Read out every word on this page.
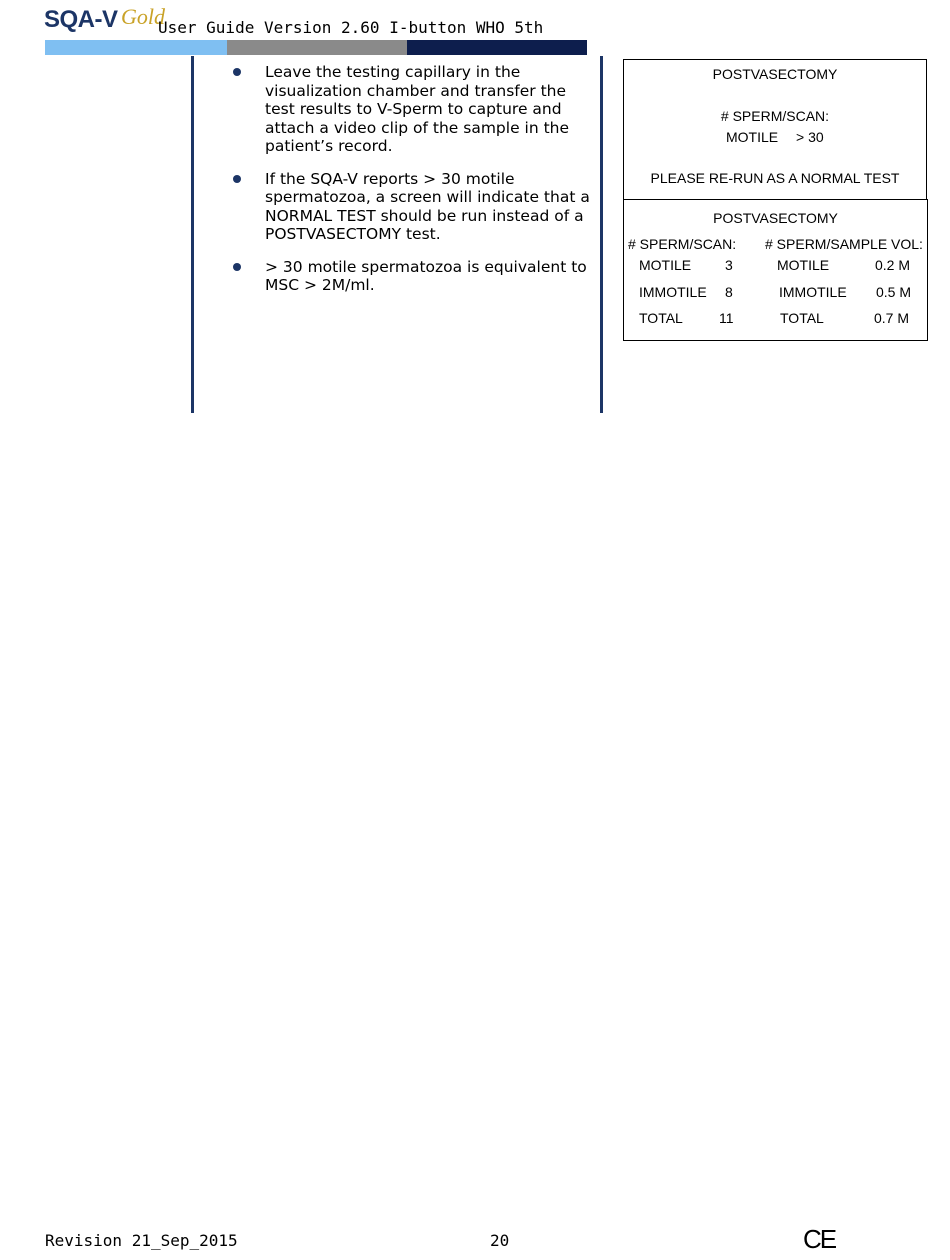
SQA-V Gold
User Guide Version 2.60 I-button WHO 5th
Leave the testing capillary in the visualization chamber and transfer the test results to V-Sperm to capture and attach a video clip of the sample in the patient’s record.
If the SQA-V reports > 30 motile spermatozoa, a screen will indicate that a NORMAL TEST should be run instead of a POSTVASECTOMY test.
> 30 motile spermatozoa is equivalent to MSC > 2M/ml.
POSTVASECTOMY
# SPERM/SCAN:
MOTILE > 30
PLEASE RE-RUN AS A NORMAL TEST
POSTVASECTOMY
# SPERM/SCAN: # SPERM/SAMPLE VOL:
MOTILE 3	MOTILE	0.2 M
IMMOTILE 8	IMMOTILE 0.5 M
TOTAL	11	TOTAL	0.7 M
Revision 21_Sep_2015	20	CE
